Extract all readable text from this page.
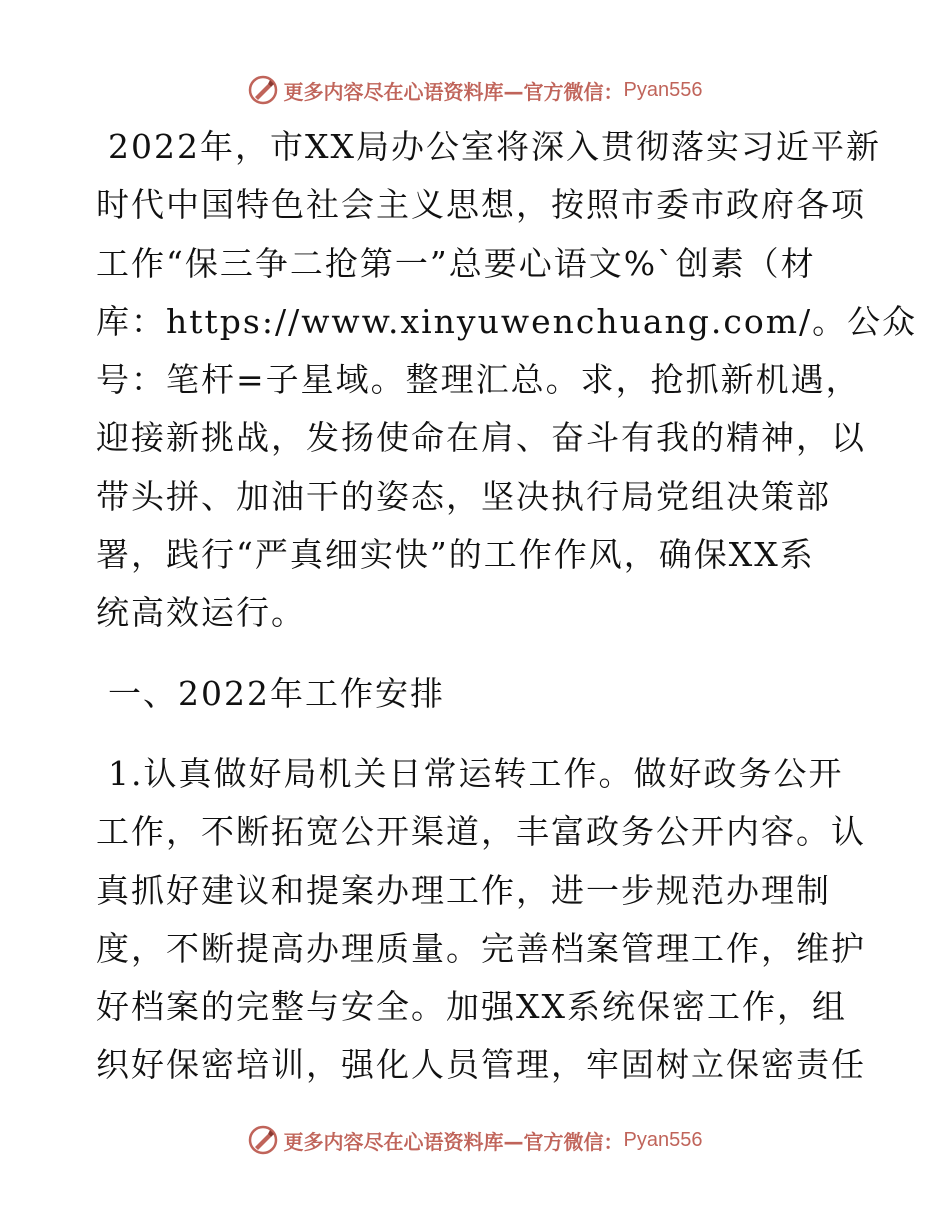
更多内容尽在心语资料库—官方微信： Pyan556
2022年，市XX局办公室将深入贯彻落实习近平新
时代中国特色社会主义思想，按照市委市政府各项
工作“保三争二抢第一”总要心语文%`创素（材
库：https://www.xinyuwenchuang.com/。公众
号：笔杆=子星域。整理汇总。求，抢抓新机遇，
迎接新挑战，发扬使命在肩、奋斗有我的精神，以
带头拼、加油干的姿态，坚决执行局党组决策部
署，践行“严真细实快”的工作作风，确保XX系
统高效运行。
一、2022年工作安排
1.认真做好局机关日常运转工作。做好政务公开
工作，不断拓宽公开渠道，丰富政务公开内容。认
真抓好建议和提案办理工作，进一步规范办理制
度，不断提高办理质量。完善档案管理工作，维护
好档案的完整与安全。加强XX系统保密工作，组
织好保密培训，强化人员管理，牢固树立保密责任
更多内容尽在心语资料库—官方微信： Pyan556
